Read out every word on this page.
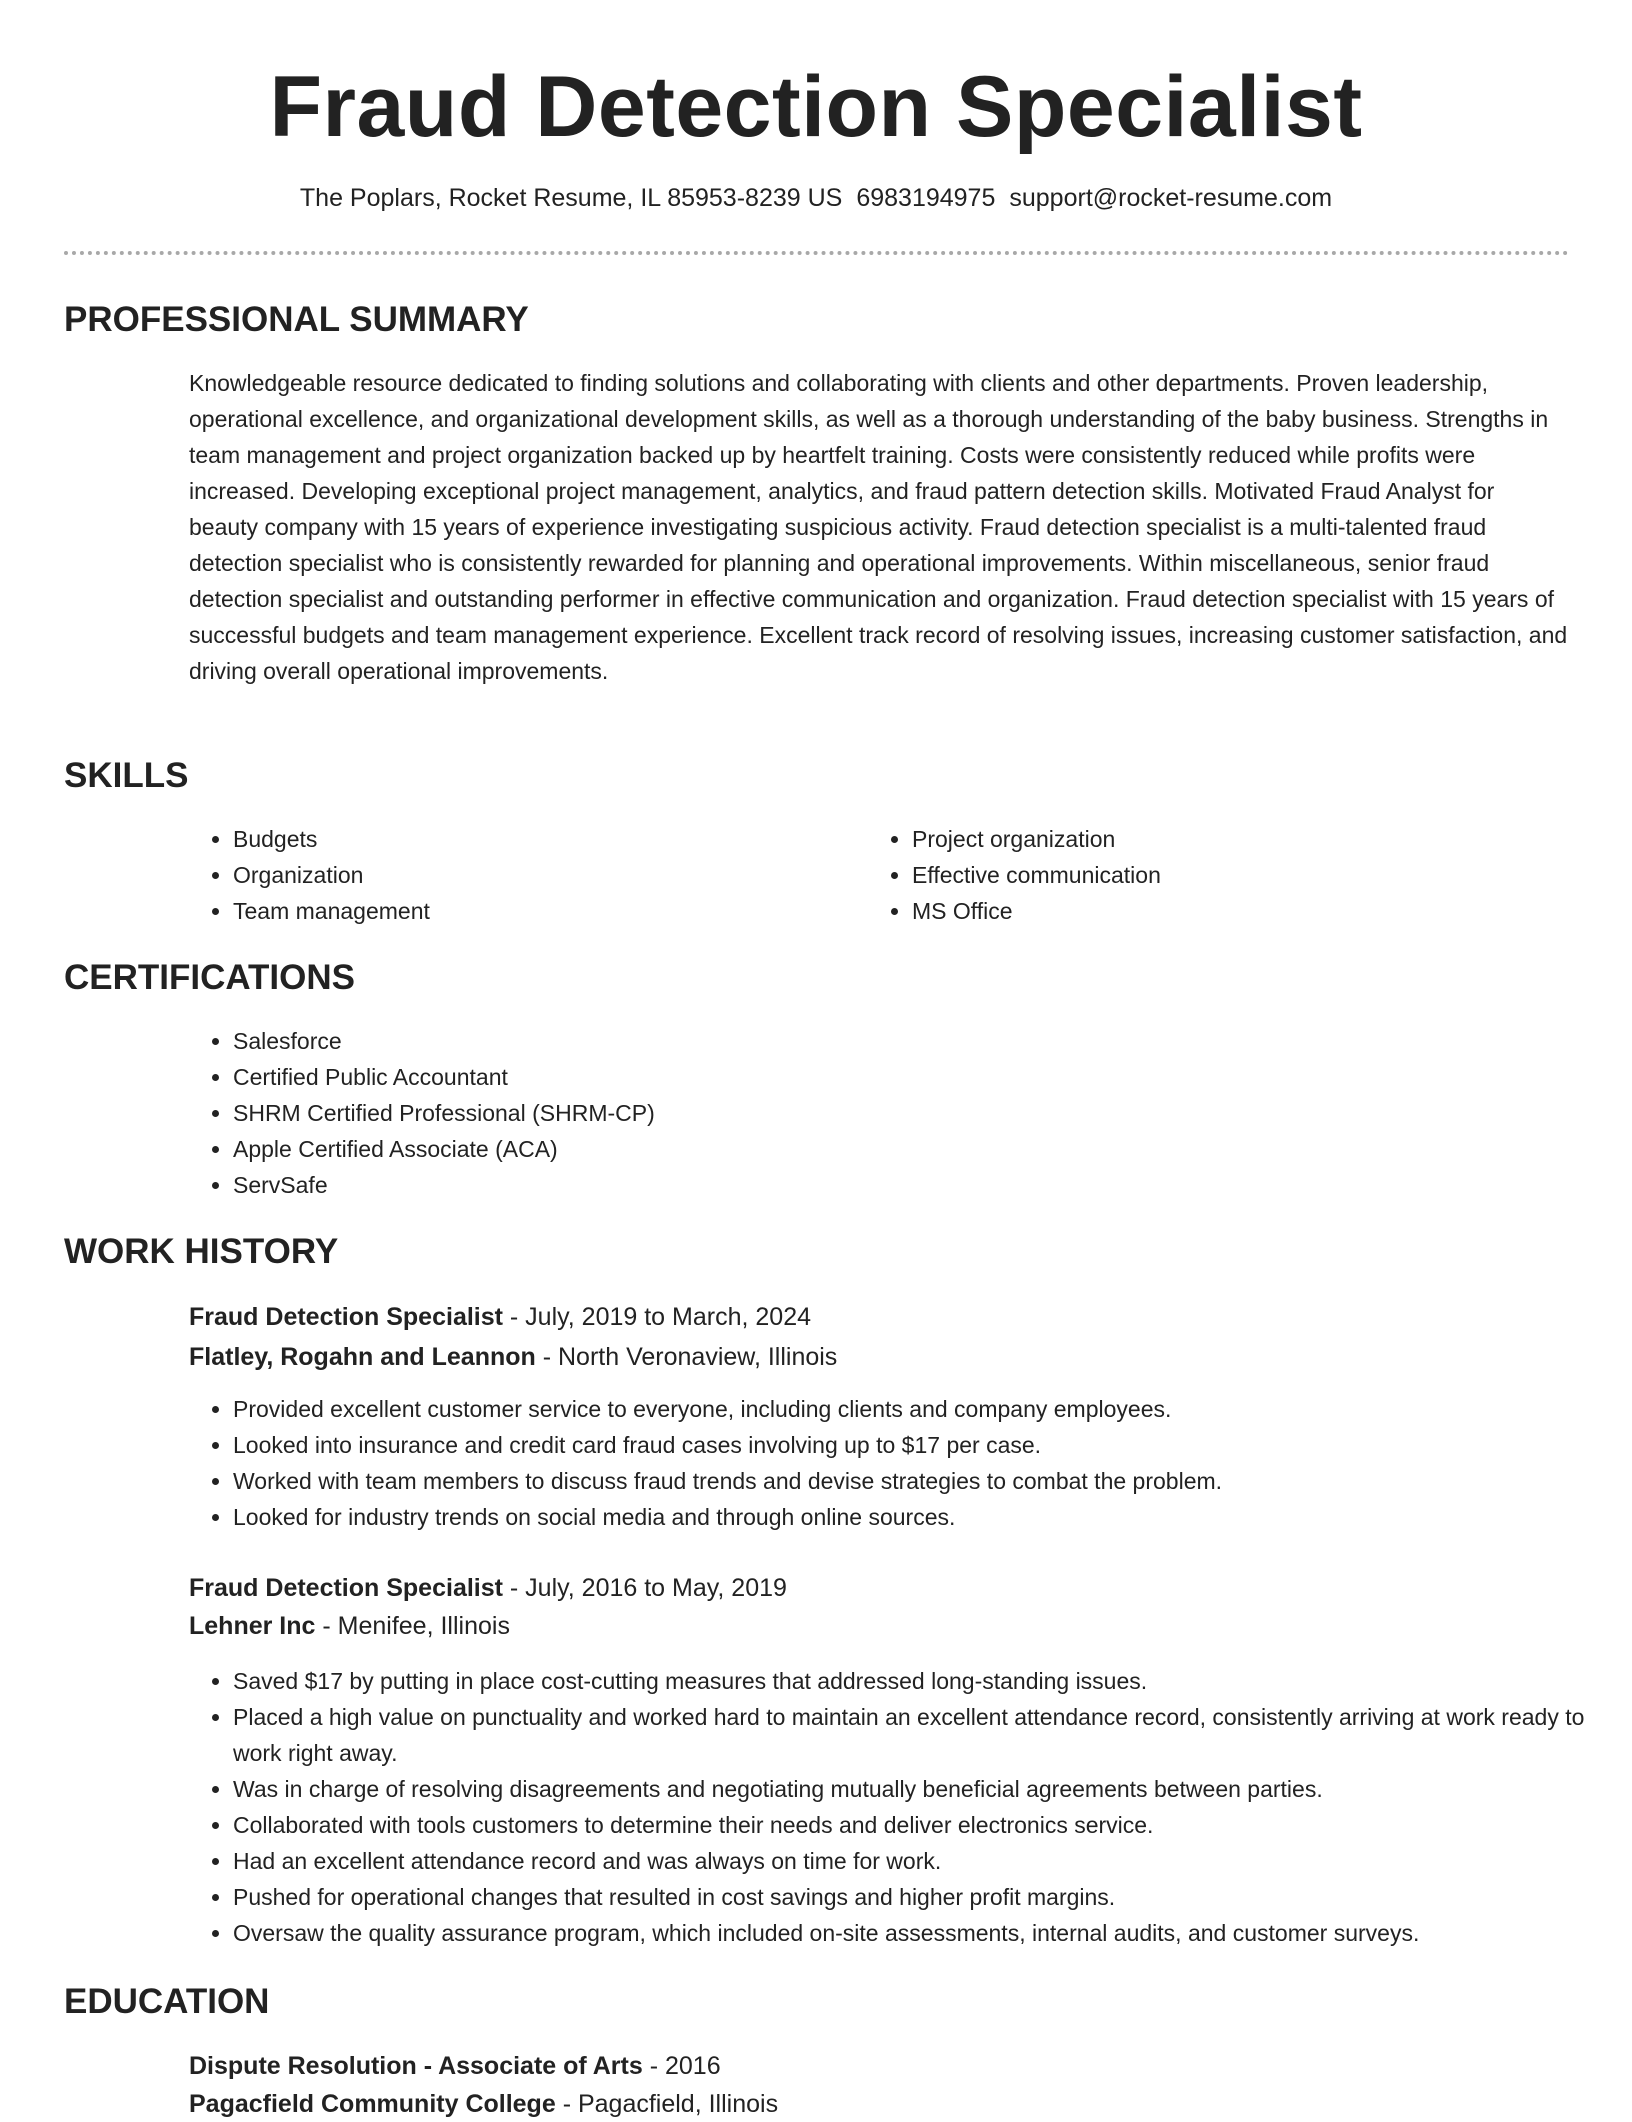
Fraud Detection Specialist
The Poplars, Rocket Resume, IL 85953-8239 US 6983194975 support@rocket-resume.com
PROFESSIONAL SUMMARY

Knowledgeable resource dedicated to finding solutions and collaborating with clients and other departments. Proven leadership, operational excellence, and organizational development skills, as well as a thorough understanding of the baby business. Strengths in team management and project organization backed up by heartfelt training. Costs were consistently reduced while profits were increased. Developing exceptional project management, analytics, and fraud pattern detection skills. Motivated Fraud Analyst for beauty company with 15 years of experience investigating suspicious activity. Fraud detection specialist is a multi-talented fraud detection specialist who is consistently rewarded for planning and operational improvements. Within miscellaneous, senior fraud detection specialist and outstanding performer in effective communication and organization. Fraud detection specialist with 15 years of successful budgets and team management experience. Excellent track record of resolving issues, increasing customer satisfaction, and driving overall operational improvements.

SKILLS
• Budgets
• Organization
• Team management
• Project organization
• Effective communication
• MS Office
CERTIFICATIONS
• Salesforce
• Certified Public Accountant
• SHRM Certified Professional (SHRM-CP)
• Apple Certified Associate (ACA)
• ServSafe
WORK HISTORY
Fraud Detection Specialist - July, 2019 to March, 2024
Flatley, Rogahn and Leannon - North Veronaview, Illinois
• Provided excellent customer service to everyone, including clients and company employees.
• Looked into insurance and credit card fraud cases involving up to $17 per case.
• Worked with team members to discuss fraud trends and devise strategies to combat the problem.
• Looked for industry trends on social media and through online sources.
Fraud Detection Specialist - July, 2016 to May, 2019
Lehner Inc - Menifee, Illinois
• Saved $17 by putting in place cost-cutting measures that addressed long-standing issues.
• Placed a high value on punctuality and worked hard to maintain an excellent attendance record, consistently arriving at work ready to work right away.
• Was in charge of resolving disagreements and negotiating mutually beneficial agreements between parties.
• Collaborated with tools customers to determine their needs and deliver electronics service.
• Had an excellent attendance record and was always on time for work.
• Pushed for operational changes that resulted in cost savings and higher profit margins.
• Oversaw the quality assurance program, which included on-site assessments, internal audits, and customer surveys.
EDUCATION
Dispute Resolution - Associate of Arts - 2016
Pagacfield Community College - Pagacfield, Illinois
